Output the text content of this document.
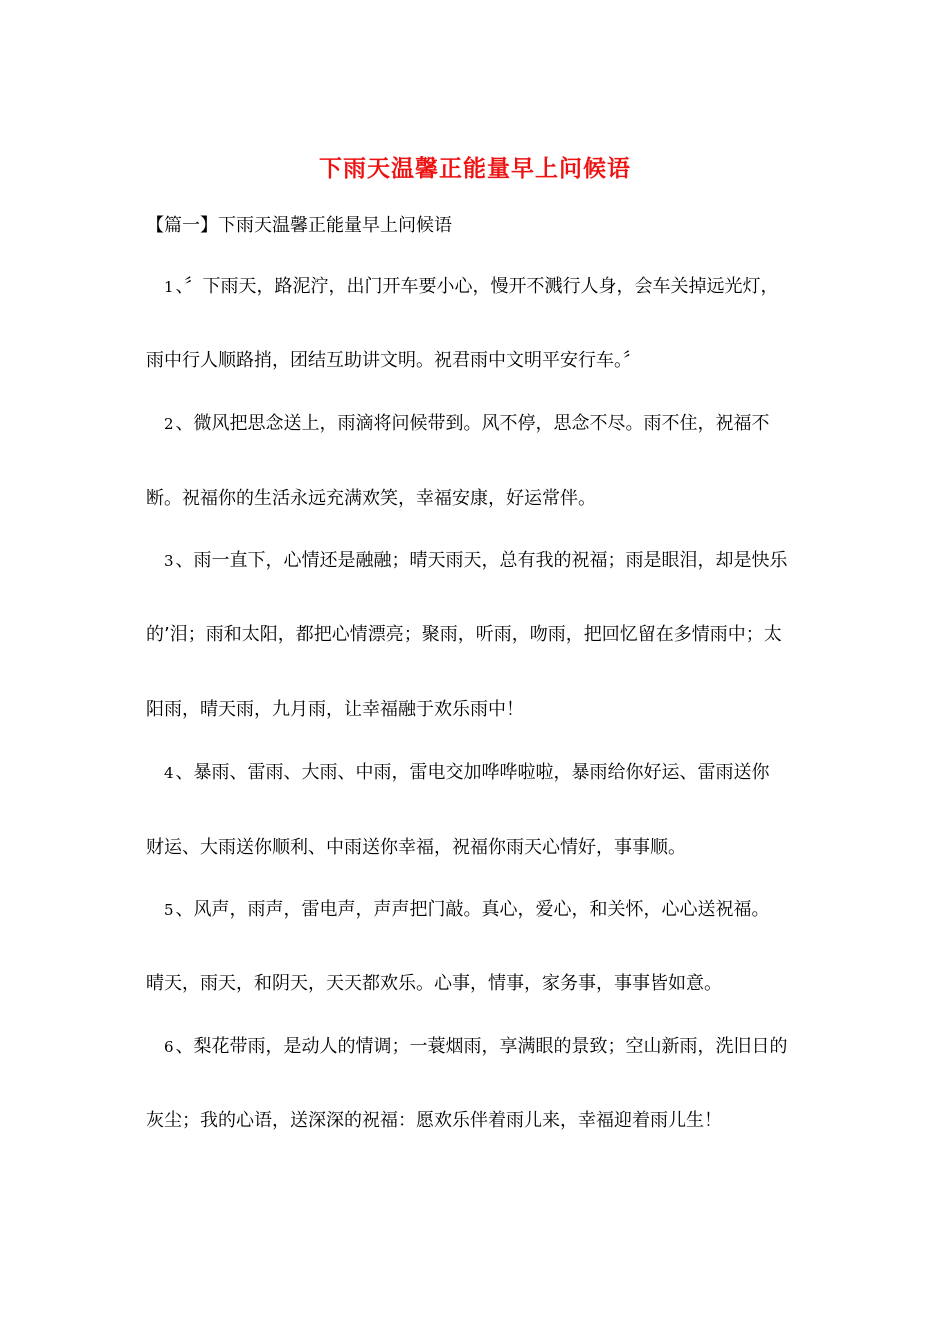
下雨天温馨正能量早上问候语

【篇一】下雨天温馨正能量早上问候语

1 、〞下雨天，路泥泞，出门开车要小心，慢开不溅行人身，会车关掉远光灯，

雨中行人顺路捎，团结互助讲文明。祝君雨中文明平安行车。〞

2 、微风把思念送上，雨滴将问候带到。风不停，思念不尽。雨不住，祝福不

断。祝福你的生活永远充满欢笑，幸福安康，好运常伴。

3 、雨一直下，心情还是融融；晴天雨天，总有我的祝福；雨是眼泪，却是快乐

的’泪；雨和太阳，都把心情漂亮；聚雨，听雨，吻雨，把回忆留在多情雨中；太

阳雨，晴天雨，九月雨，让幸福融于欢乐雨中！

4 、暴雨、雷雨、大雨、中雨，雷电交加哗哗啦啦，暴雨给你好运、雷雨送你

财运、大雨送你顺利、中雨送你幸福，祝福你雨天心情好，事事顺。

5 、风声，雨声，雷电声，声声把门敲。真心，爱心，和关怀，心心送祝福。

晴天，雨天，和阴天，天天都欢乐。心事，情事，家务事，事事皆如意。

6 、梨花带雨，是动人的情调；一蓑烟雨，享满眼的景致；空山新雨，洗旧日的

灰尘；我的心语，送深深的祝福：愿欢乐伴着雨儿来，幸福迎着雨儿生！
